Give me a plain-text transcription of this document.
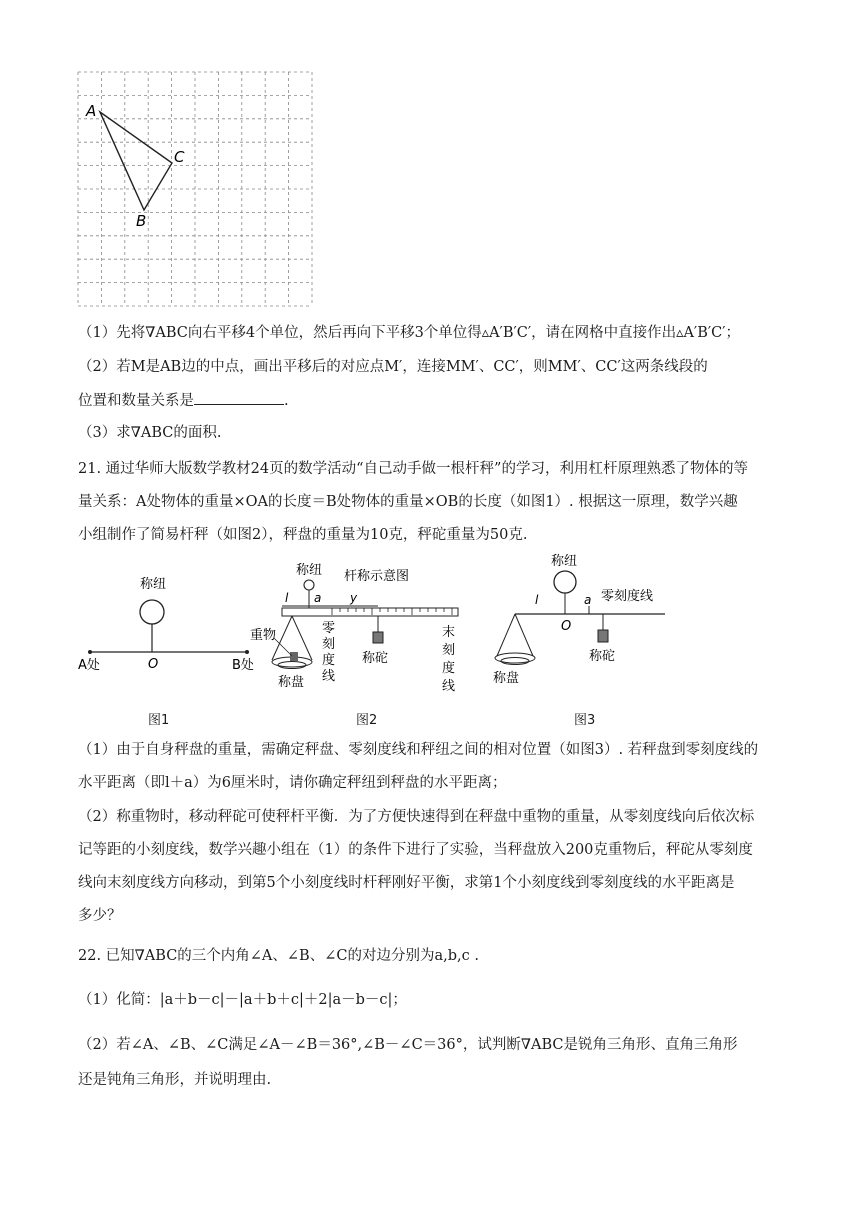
A
C
B
（1）先将∇ABC向右平移4个单位，然后再向下平移3个单位得▵A′B′C′，请在网格中直接作出▵A′B′C′；
（2）若M是AB边的中点，画出平移后的对应点M′，连接MM′、CC′，则MM′、CC′这两条线段的
位置和数量关系是	.
（3）求∇ABC的面积.
21. 通过华师大版数学教材24页的数学活动“自己动手做一根杆秤”的学习，利用杠杆原理熟悉了物体的等
量关系：A处物体的重量×OA的长度＝B处物体的重量×OB的长度（如图1）. 根据这一原理，数学兴趣
小组制作了简易杆秤（如图2），秤盘的重量为10克，秤砣重量为50克.
称纽
A处	O	B处
图1
称纽 杆称示意图
l a y
重物
称盘
零刻度线
称砣
末刻度线
图2
称纽
l	a 零刻度线
O
称盘
称砣
图3
（1）由于自身秤盘的重量，需确定秤盘、零刻度线和秤纽之间的相对位置（如图3）. 若秤盘到零刻度线的
水平距离（即l＋a）为6厘米时，请你确定秤纽到秤盘的水平距离；
（2）称重物时，移动秤砣可使秤杆平衡．为了方便快速得到在秤盘中重物的重量，从零刻度线向后依次标
记等距的小刻度线，数学兴趣小组在（1）的条件下进行了实验，当秤盘放入200克重物后，秤砣从零刻度
线向末刻度线方向移动，到第5个小刻度线时杆秤刚好平衡，求第1个小刻度线到零刻度线的水平距离是
多少？
22. 已知∇ABC的三个内角∠A、∠B、∠C的对边分别为a,b,c .
（1）化简：|a＋b－c|－|a＋b＋c|＋2|a－b－c|；
（2）若∠A、∠B、∠C满足∠A－∠B＝36°,∠B－∠C＝36°，试判断∇ABC是锐角三角形、直角三角形
还是钝角三角形，并说明理由.
